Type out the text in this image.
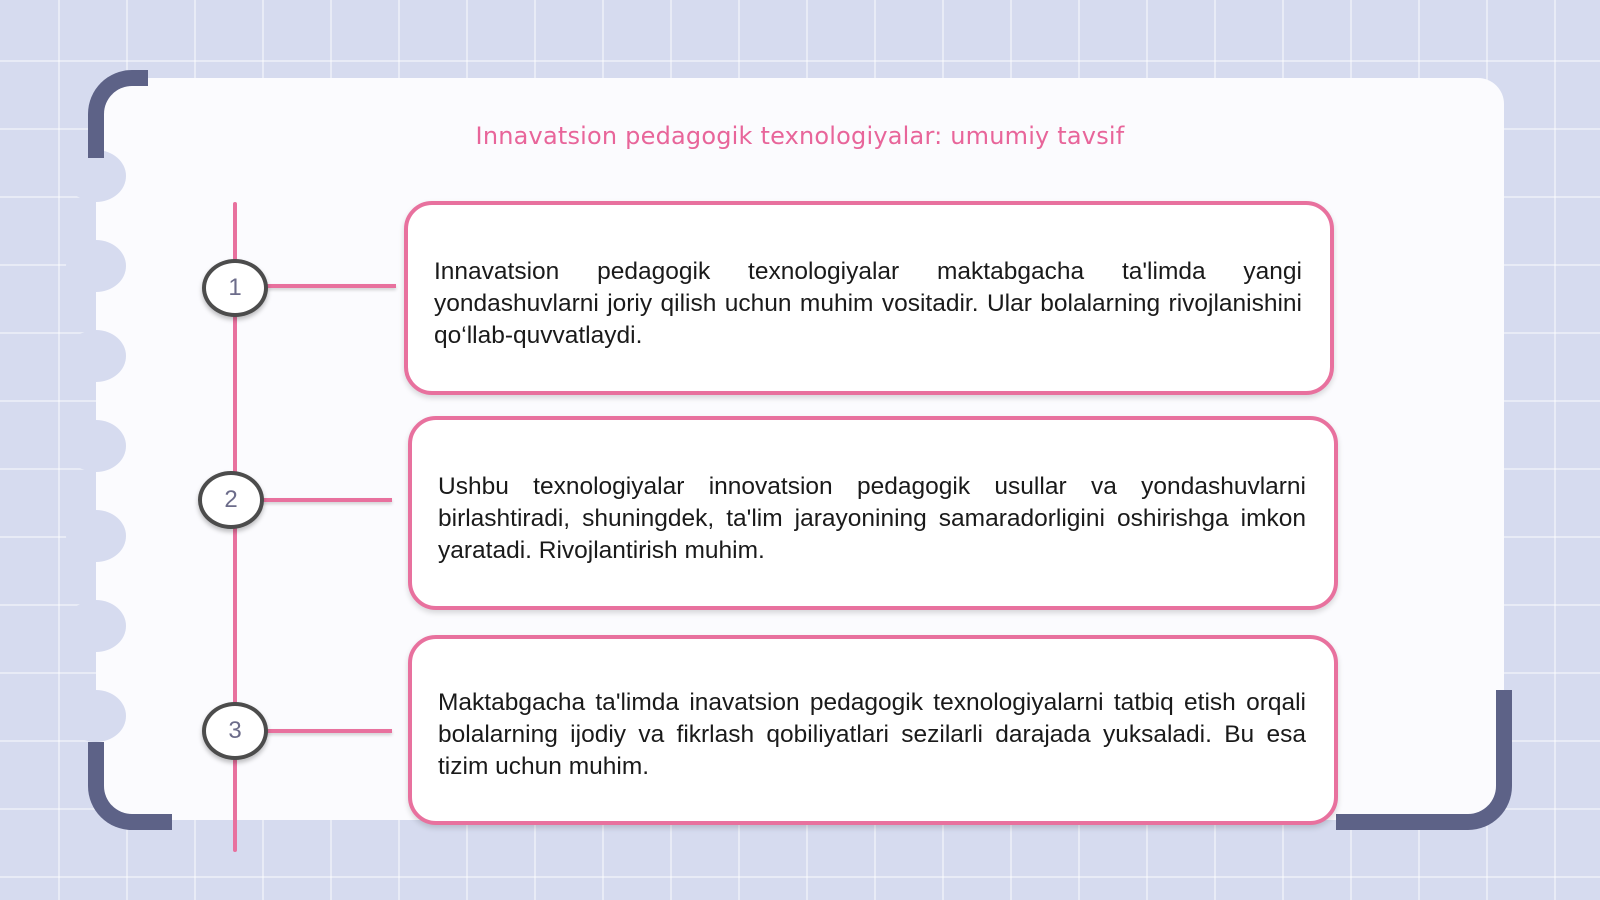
Innavatsion pedagogik texnologiyalar: umumiy tavsif
1
2
3

Innavatsion pedagogik texnologiyalar maktabgacha ta'limda yangi yondashuvlarni joriy qilish uchun muhim vositadir. Ular bolalarning rivojlanishini qo‘llab-quvvatlaydi.

Ushbu texnologiyalar innovatsion pedagogik usullar va yondashuvlarni birlashtiradi, shuningdek, ta'lim jarayonining samaradorligini oshirishga imkon yaratadi. Rivojlantirish muhim.

Maktabgacha ta'limda inavatsion pedagogik texnologiyalarni tatbiq etish orqali bolalarning ijodiy va fikrlash qobiliyatlari sezilarli darajada yuksaladi. Bu esa tizim uchun muhim.
